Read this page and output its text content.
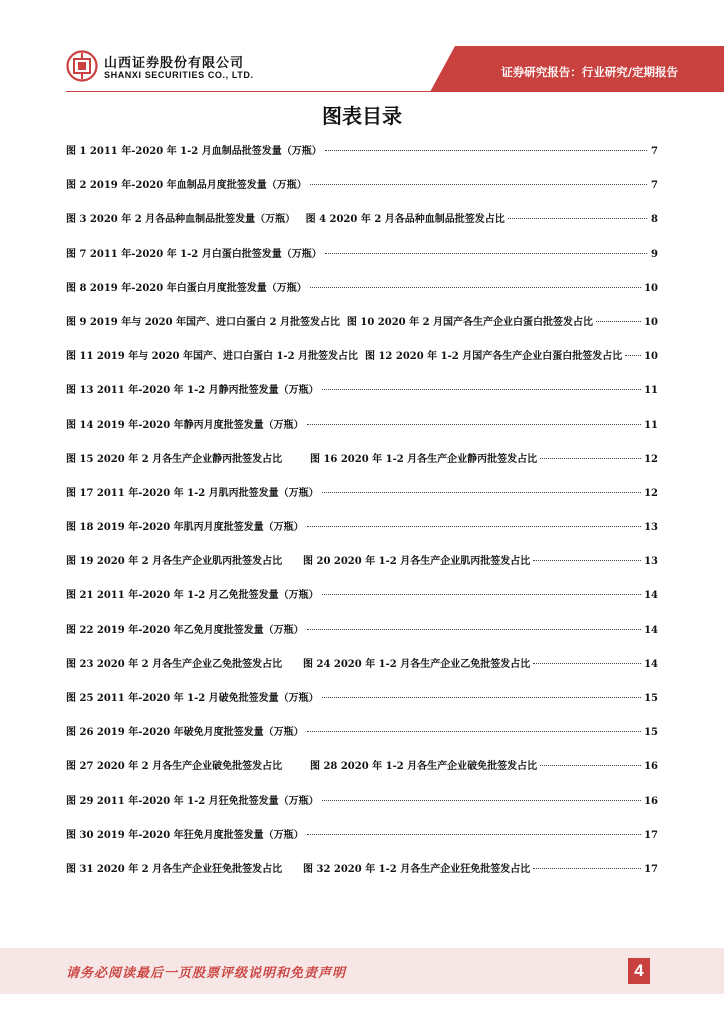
山西证券股份有限公司
SHANXI SECURITIES CO., LTD.	证券研究报告：行业研究/定期报告
图表目录
图 1 2011 年-2020 年 1-2 月血制品批签发量（万瓶）	7
图 2 2019 年-2020 年血制品月度批签发量（万瓶）	7
图 3 2020 年 2 月各品种血制品批签发量（万瓶）   图 4 2020 年 2 月各品种血制品批签发占比	8
图 7 2011 年-2020 年 1-2 月白蛋白批签发量（万瓶）	9
图 8 2019 年-2020 年白蛋白月度批签发量（万瓶）	10
图 9 2019 年与 2020 年国产、进口白蛋白 2 月批签发占比  图 10 2020 年 2 月国产各生产企业白蛋白批签发占比	10
图 11 2019 年与 2020 年国产、进口白蛋白 1-2 月批签发占比  图 12 2020 年 1-2 月国产各生产企业白蛋白批签发占比 10
图 13 2011 年-2020 年 1-2 月静丙批签发量（万瓶）	11
图 14 2019 年-2020 年静丙月度批签发量（万瓶）	11
图 15 2020 年 2 月各生产企业静丙批签发占比        图 16 2020 年 1-2 月各生产企业静丙批签发占比	12
图 17 2011 年-2020 年 1-2 月肌丙批签发量（万瓶）	12
图 18 2019 年-2020 年肌丙月度批签发量（万瓶）	13
图 19 2020 年 2 月各生产企业肌丙批签发占比      图 20 2020 年 1-2 月各生产企业肌丙批签发占比	13
图 21 2011 年-2020 年 1-2 月乙免批签发量（万瓶）	14
图 22 2019 年-2020 年乙免月度批签发量（万瓶）	14
图 23 2020 年 2 月各生产企业乙免批签发占比      图 24 2020 年 1-2 月各生产企业乙免批签发占比	14
图 25 2011 年-2020 年 1-2 月破免批签发量（万瓶）	15
图 26 2019 年-2020 年破免月度批签发量（万瓶）	15
图 27 2020 年 2 月各生产企业破免批签发占比        图 28 2020 年 1-2 月各生产企业破免批签发占比	16
图 29 2011 年-2020 年 1-2 月狂免批签发量（万瓶）	16
图 30 2019 年-2020 年狂免月度批签发量（万瓶）	17
图 31 2020 年 2 月各生产企业狂免批签发占比      图 32 2020 年 1-2 月各生产企业狂免批签发占比	17
请务必阅读最后一页股票评级说明和免责声明	4
